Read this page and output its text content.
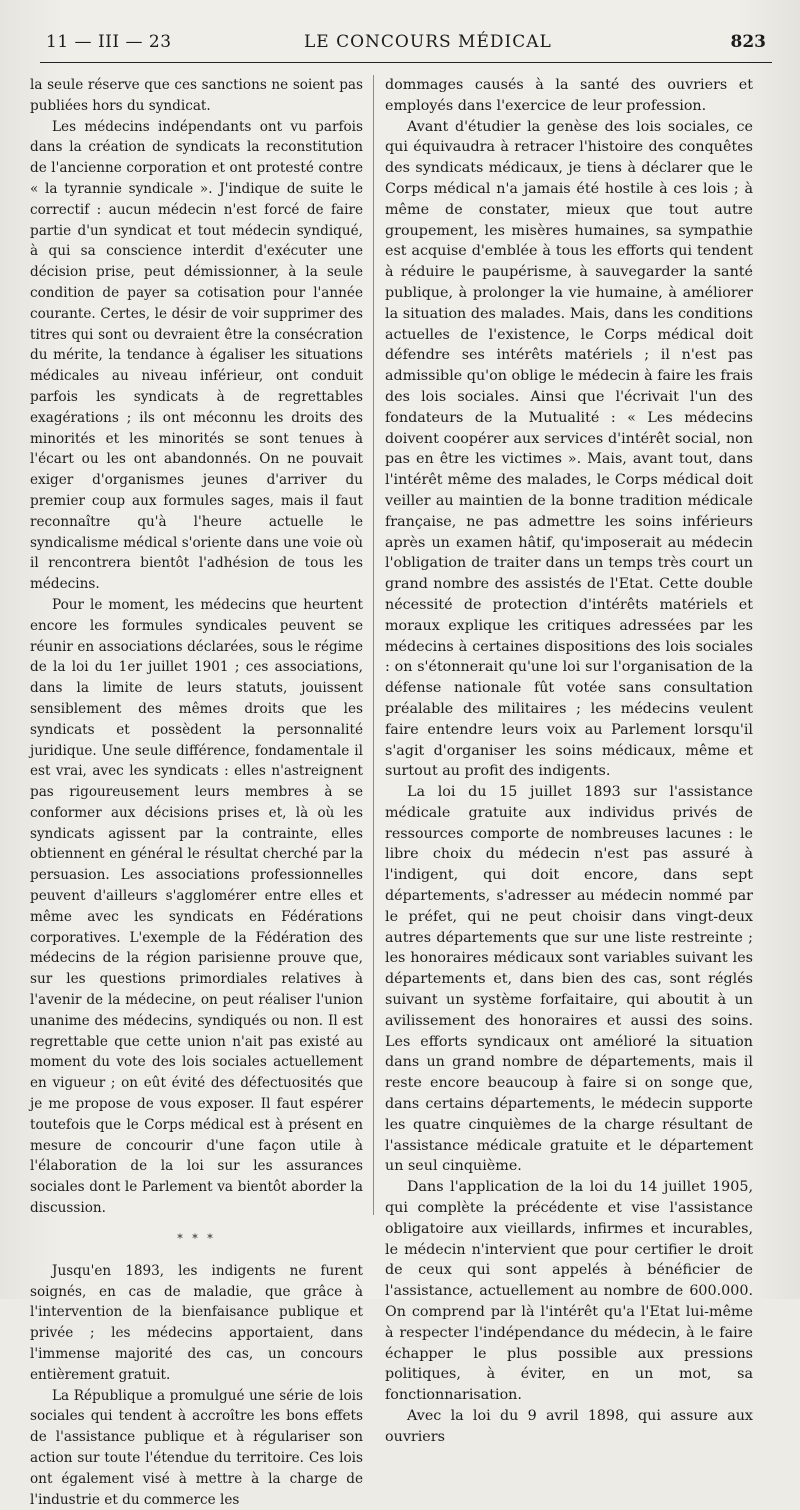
11 — III — 23	LE CONCOURS MÉDICAL	823

la seule réserve que ces sanctions ne soient pas publiées hors du syndicat.

Les médecins indépendants ont vu parfois dans la création de syndicats la reconstitution de l'ancienne corporation et ont protesté contre « la tyrannie syndicale ». J'indique de suite le correctif : aucun médecin n'est forcé de faire partie d'un syndicat et tout médecin syndiqué, à qui sa conscience interdit d'exécuter une décision prise, peut démissionner, à la seule condition de payer sa cotisation pour l'année courante. Certes, le désir de voir supprimer des titres qui sont ou devraient être la consécration du mérite, la tendance à égaliser les situations médicales au niveau inférieur, ont conduit parfois les syndicats à de regrettables exagérations ; ils ont méconnu les droits des minorités et les minorités se sont tenues à l'écart ou les ont abandonnés. On ne pouvait exiger d'organismes jeunes d'arriver du premier coup aux formules sages, mais il faut reconnaître qu'à l'heure actuelle le syndicalisme médical s'oriente dans une voie où il rencontrera bientôt l'adhésion de tous les médecins.

Pour le moment, les médecins que heurtent encore les formules syndicales peuvent se réunir en associations déclarées, sous le régime de la loi du 1er juillet 1901 ; ces associations, dans la limite de leurs statuts, jouissent sensiblement des mêmes droits que les syndicats et possèdent la personnalité juridique. Une seule différence, fondamentale il est vrai, avec les syndicats : elles n'astreignent pas rigoureusement leurs membres à se conformer aux décisions prises et, là où les syndicats agissent par la contrainte, elles obtiennent en général le résultat cherché par la persuasion. Les associations professionnelles peuvent d'ailleurs s'agglomérer entre elles et même avec les syndicats en Fédérations corporatives. L'exemple de la Fédération des médecins de la région parisienne prouve que, sur les questions primordiales relatives à l'avenir de la médecine, on peut réaliser l'union unanime des médecins, syndiqués ou non. Il est regrettable que cette union n'ait pas existé au moment du vote des lois sociales actuellement en vigueur ; on eût évité des défectuosités que je me propose de vous exposer. Il faut espérer toutefois que le Corps médical est à présent en mesure de concourir d'une façon utile à l'élaboration de la loi sur les assurances sociales dont le Parlement va bientôt aborder la discussion.

* * *

Jusqu'en 1893, les indigents ne furent soignés, en cas de maladie, que grâce à l'intervention de la bienfaisance publique et privée ; les médecins apportaient, dans l'immense majorité des cas, un concours entièrement gratuit.

La République a promulgué une série de lois sociales qui tendent à accroître les bons effets de l'assistance publique et à régulariser son action sur toute l'étendue du territoire. Ces lois ont également visé à mettre à la charge de l'industrie et du commerce les

dommages causés à la santé des ouvriers et employés dans l'exercice de leur profession.

Avant d'étudier la genèse des lois sociales, ce qui équivaudra à retracer l'histoire des conquêtes des syndicats médicaux, je tiens à déclarer que le Corps médical n'a jamais été hostile à ces lois ; à même de constater, mieux que tout autre groupement, les misères humaines, sa sympathie est acquise d'emblée à tous les efforts qui tendent à réduire le paupérisme, à sauvegarder la santé publique, à prolonger la vie humaine, à améliorer la situation des malades. Mais, dans les conditions actuelles de l'existence, le Corps médical doit défendre ses intérêts matériels ; il n'est pas admissible qu'on oblige le médecin à faire les frais des lois sociales. Ainsi que l'écrivait l'un des fondateurs de la Mutualité : « Les médecins doivent coopérer aux services d'intérêt social, non pas en être les victimes ». Mais, avant tout, dans l'intérêt même des malades, le Corps médical doit veiller au maintien de la bonne tradition médicale française, ne pas admettre les soins inférieurs après un examen hâtif, qu'imposerait au médecin l'obligation de traiter dans un temps très court un grand nombre des assistés de l'Etat. Cette double nécessité de protection d'intérêts matériels et moraux explique les critiques adressées par les médecins à certaines dispositions des lois sociales : on s'étonnerait qu'une loi sur l'organisation de la défense nationale fût votée sans consultation préalable des militaires ; les médecins veulent faire entendre leurs voix au Parlement lorsqu'il s'agit d'organiser les soins médicaux, même et surtout au profit des indigents.

La loi du 15 juillet 1893 sur l'assistance médicale gratuite aux individus privés de ressources comporte de nombreuses lacunes : le libre choix du médecin n'est pas assuré à l'indigent, qui doit encore, dans sept départements, s'adresser au médecin nommé par le préfet, qui ne peut choisir dans vingt-deux autres départements que sur une liste restreinte ; les honoraires médicaux sont variables suivant les départements et, dans bien des cas, sont réglés suivant un système forfaitaire, qui aboutit à un avilissement des honoraires et aussi des soins. Les efforts syndicaux ont amélioré la situation dans un grand nombre de départements, mais il reste encore beaucoup à faire si on songe que, dans certains départements, le médecin supporte les quatre cinquièmes de la charge résultant de l'assistance médicale gratuite et le département un seul cinquième.

Dans l'application de la loi du 14 juillet 1905, qui complète la précédente et vise l'assistance obligatoire aux vieillards, infirmes et incurables, le médecin n'intervient que pour certifier le droit de ceux qui sont appelés à bénéficier de l'assistance, actuellement au nombre de 600.000. On comprend par là l'intérêt qu'a l'Etat lui-même à respecter l'indépendance du médecin, à le faire échapper le plus possible aux pressions politiques, à éviter, en un mot, sa fonctionnarisation.

Avec la loi du 9 avril 1898, qui assure aux ouvriers
